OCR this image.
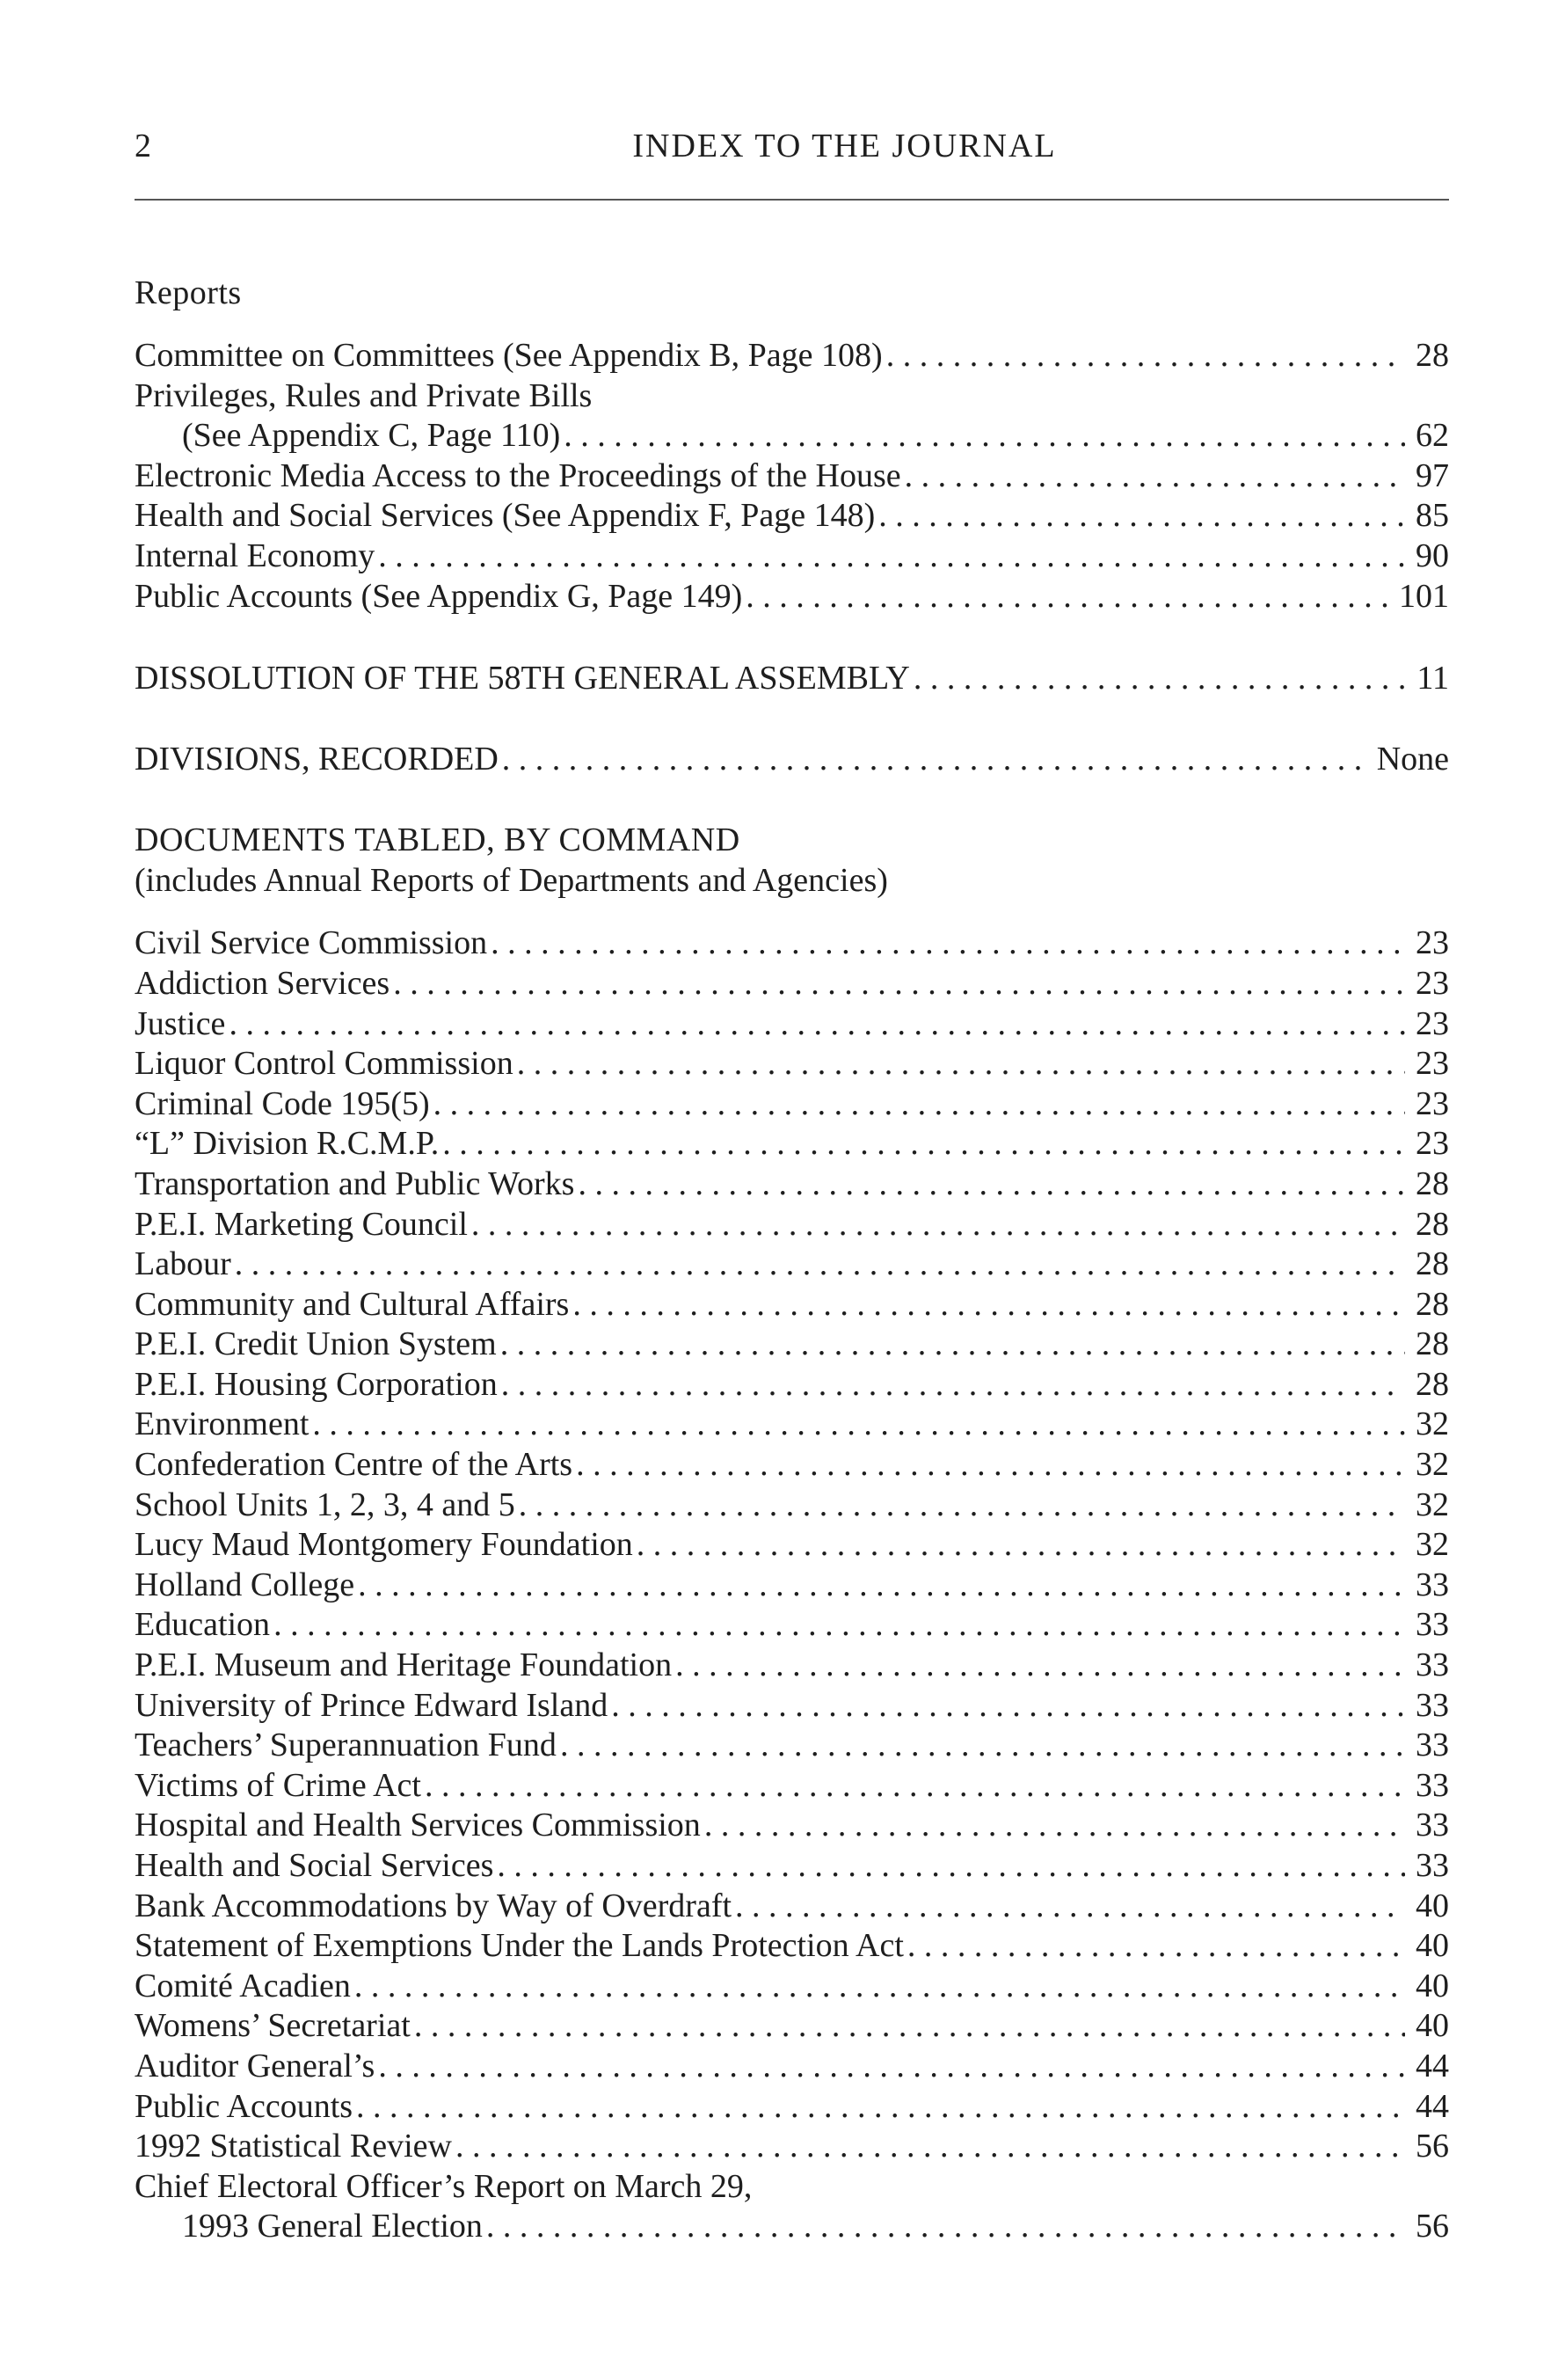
2	INDEX TO THE JOURNAL
Reports
Committee on Committees (See Appendix B, Page 108) . . .	28
Privileges, Rules and Private Bills
(See Appendix C, Page 110) . . .	62
Electronic Media Access to the Proceedings of the House . . .	97
Health and Social Services (See Appendix F, Page 148) . . .	85
Internal Economy . . .	90
Public Accounts (See Appendix G, Page 149) . . .	101
DISSOLUTION OF THE 58TH GENERAL ASSEMBLY . . .	11
DIVISIONS, RECORDED . . .	None
DOCUMENTS TABLED, BY COMMAND
(includes Annual Reports of Departments and Agencies)
Civil Service Commission . . .	23
Addiction Services . . .	23
Justice . . .	23
Liquor Control Commission . . .	23
Criminal Code 195(5) . . .	23
“L” Division R.C.M.P. . . .	23
Transportation and Public Works . . .	28
P.E.I. Marketing Council . . .	28
Labour . . .	28
Community and Cultural Affairs . . .	28
P.E.I. Credit Union System . . .	28
P.E.I. Housing Corporation . . .	28
Environment . . .	32
Confederation Centre of the Arts . . .	32
School Units 1, 2, 3, 4 and 5 . . .	32
Lucy Maud Montgomery Foundation . . .	32
Holland College . . .	33
Education . . .	33
P.E.I. Museum and Heritage Foundation . . .	33
University of Prince Edward Island . . .	33
Teachers’ Superannuation Fund . . .	33
Victims of Crime Act . . .	33
Hospital and Health Services Commission . . .	33
Health and Social Services . . .	33
Bank Accommodations by Way of Overdraft . . .	40
Statement of Exemptions Under the Lands Protection Act . . .	40
Comité Acadien . . .	40
Womens’ Secretariat . . .	40
Auditor General’s . . .	44
Public Accounts . . .	44
1992 Statistical Review . . .	56
Chief Electoral Officer’s Report on March 29,
1993 General Election . . .	56
